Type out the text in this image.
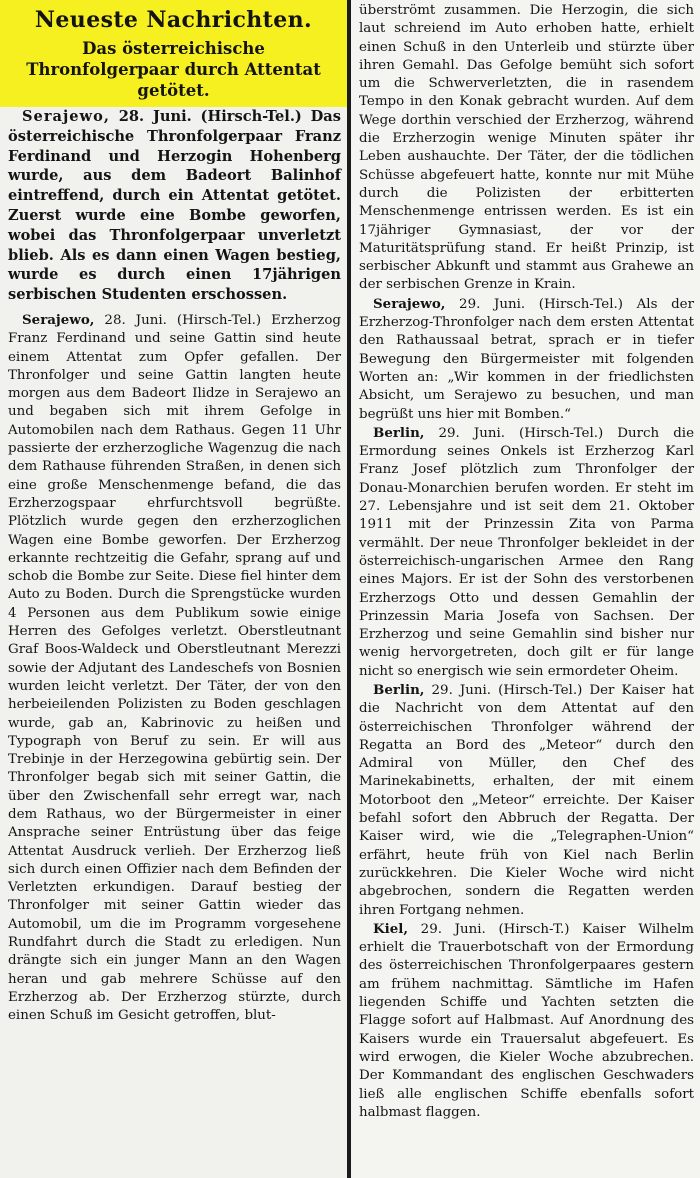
Neueste Nachrichten.
Das österreichische Thronfolgerpaar durch Attentat getötet.

Serajewo, 28. Juni. (Hirsch-Tel.) Das österreichische Thronfolgerpaar Franz Ferdinand und Herzogin Hohenberg wurde, aus dem Badeort Balinhof eintreffend, durch ein Attentat getötet. Zuerst wurde eine Bombe geworfen, wobei das Thronfolgerpaar unverletzt blieb. Als es dann einen Wagen bestieg, wurde es durch einen 17jährigen serbischen Studenten erschossen.

Serajewo, 28. Juni. (Hirsch-Tel.) Erzherzog Franz Ferdinand und seine Gattin sind heute einem Attentat zum Opfer gefallen. Der Thronfolger und seine Gattin langten heute morgen aus dem Badeort Ilidze in Serajewo an und begaben sich mit ihrem Gefolge in Automobilen nach dem Rathaus. Gegen 11 Uhr passierte der erzherzogliche Wagenzug die nach dem Rathause führenden Straßen, in denen sich eine große Menschenmenge befand, die das Erzherzogspaar ehrfurchtsvoll begrüßte. Plötzlich wurde gegen den erzherzoglichen Wagen eine Bombe geworfen. Der Erzherzog erkannte rechtzeitig die Gefahr, sprang auf und schob die Bombe zur Seite. Diese fiel hinter dem Auto zu Boden. Durch die Sprengstücke wurden 4 Personen aus dem Publikum sowie einige Herren des Gefolges verletzt. Oberstleutnant Graf Boos-Waldeck und Oberstleutnant Merezzi sowie der Adjutant des Landeschefs von Bosnien wurden leicht verletzt. Der Täter, der von den herbeieilenden Polizisten zu Boden geschlagen wurde, gab an, Kabrinovic zu heißen und Typograph von Beruf zu sein. Er will aus Trebinje in der Herzegowina gebürtig sein. Der Thronfolger begab sich mit seiner Gattin, die über den Zwischenfall sehr erregt war, nach dem Rathaus, wo der Bürgermeister in einer Ansprache seiner Entrüstung über das feige Attentat Ausdruck verlieh. Der Erzherzog ließ sich durch einen Offizier nach dem Befinden der Verletzten erkundigen. Darauf bestieg der Thronfolger mit seiner Gattin wieder das Automobil, um die im Programm vorgesehene Rundfahrt durch die Stadt zu erledigen. Nun drängte sich ein junger Mann an den Wagen heran und gab mehrere Schüsse auf den Erzherzog ab. Der Erzherzog stürzte, durch einen Schuß im Gesicht getroffen, blut-

überströmt zusammen. Die Herzogin, die sich laut schreiend im Auto erhoben hatte, erhielt einen Schuß in den Unterleib und stürzte über ihren Gemahl. Das Gefolge bemüht sich sofort um die Schwerverletzten, die in rasendem Tempo in den Konak gebracht wurden. Auf dem Wege dorthin verschied der Erzherzog, während die Erzherzogin wenige Minuten später ihr Leben aushauchte. Der Täter, der die tödlichen Schüsse abgefeuert hatte, konnte nur mit Mühe durch die Polizisten der erbitterten Menschenmenge entrissen werden. Es ist ein 17jähriger Gymnasiast, der vor der Maturitätsprüfung stand. Er heißt Prinzip, ist serbischer Abkunft und stammt aus Grahewe an der serbischen Grenze in Krain.

Serajewo, 29. Juni. (Hirsch-Tel.) Als der Erzherzog-Thronfolger nach dem ersten Attentat den Rathaussaal betrat, sprach er in tiefer Bewegung den Bürgermeister mit folgenden Worten an: „Wir kommen in der friedlichsten Absicht, um Serajewo zu besuchen, und man begrüßt uns hier mit Bomben.“

Berlin, 29. Juni. (Hirsch-Tel.) Durch die Ermordung seines Onkels ist Erzherzog Karl Franz Josef plötzlich zum Thronfolger der Donau-Monarchien berufen worden. Er steht im 27. Lebensjahre und ist seit dem 21. Oktober 1911 mit der Prinzessin Zita von Parma vermählt. Der neue Thronfolger bekleidet in der österreichisch-ungarischen Armee den Rang eines Majors. Er ist der Sohn des verstorbenen Erzherzogs Otto und dessen Gemahlin der Prinzessin Maria Josefa von Sachsen. Der Erzherzog und seine Gemahlin sind bisher nur wenig hervorgetreten, doch gilt er für lange nicht so energisch wie sein ermordeter Oheim.

Berlin, 29. Juni. (Hirsch-Tel.) Der Kaiser hat die Nachricht von dem Attentat auf den österreichischen Thronfolger während der Regatta an Bord des „Meteor“ durch den Admiral von Müller, den Chef des Marinekabinetts, erhalten, der mit einem Motorboot den „Meteor“ erreichte. Der Kaiser befahl sofort den Abbruch der Regatta. Der Kaiser wird, wie die „Telegraphen-Union“ erfährt, heute früh von Kiel nach Berlin zurückkehren. Die Kieler Woche wird nicht abgebrochen, sondern die Regatten werden ihren Fortgang nehmen.

Kiel, 29. Juni. (Hirsch-T.) Kaiser Wilhelm erhielt die Trauerbotschaft von der Ermordung des österreichischen Thronfolgerpaares gestern am frühem nachmittag. Sämtliche im Hafen liegenden Schiffe und Yachten setzten die Flagge sofort auf Halbmast. Auf Anordnung des Kaisers wurde ein Trauersalut abgefeuert. Es wird erwogen, die Kieler Woche abzubrechen. Der Kommandant des englischen Geschwaders ließ alle englischen Schiffe ebenfalls sofort halbmast flaggen.
